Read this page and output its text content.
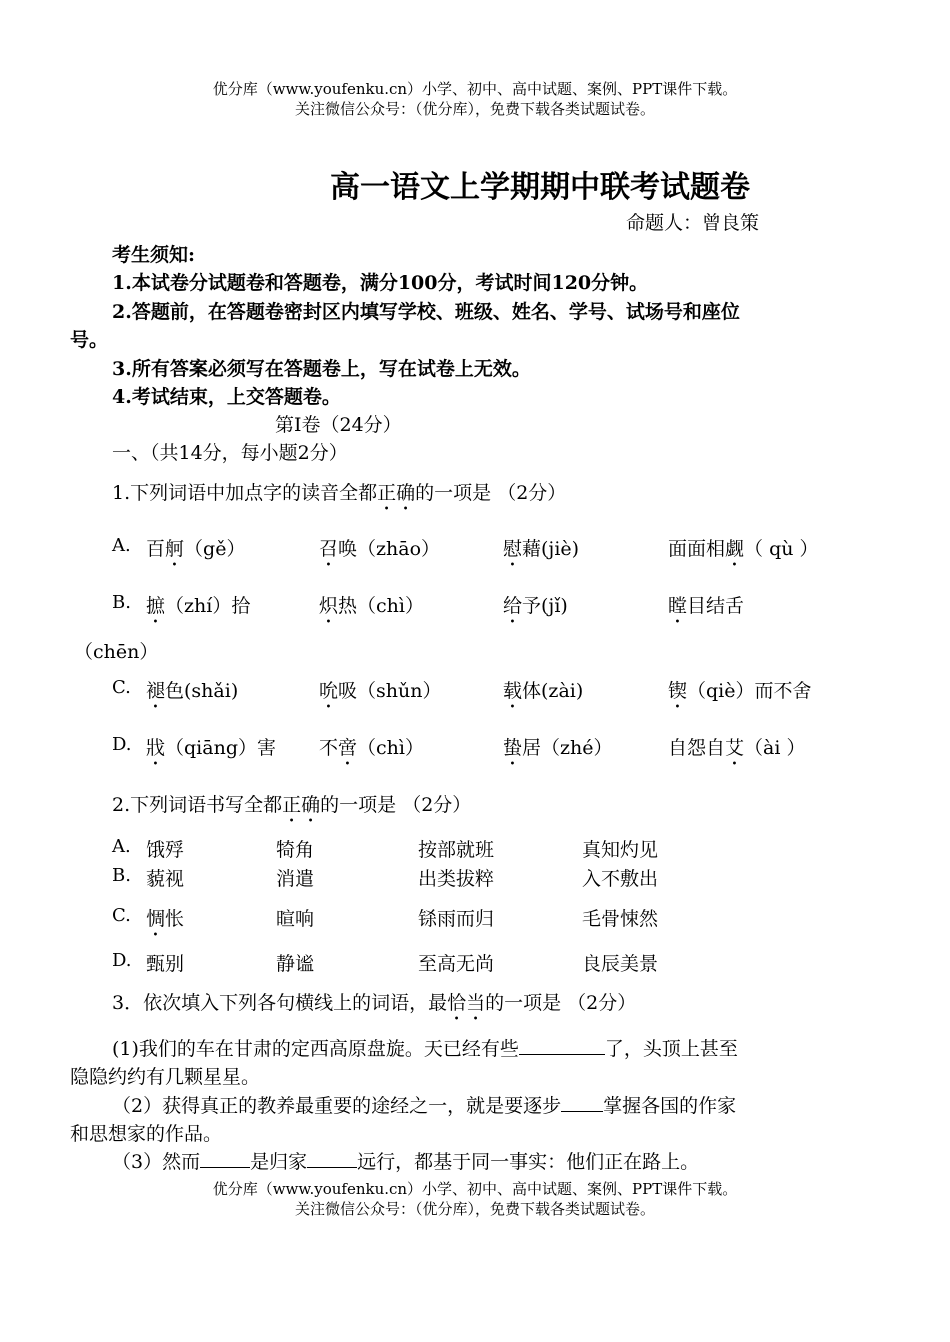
优分库（www.youfenku.cn）小学、初中、高中试题、案例、PPT课件下载。
关注微信公众号：（优分库），免费下载各类试题试卷。
高一语文上学期期中联考试题卷
命题人：曾良策
考生须知:
1.本试卷分试题卷和答题卷，满分100分，考试时间120分钟。
2.答题前，在答题卷密封区内填写学校、班级、姓名、学号、试场号和座位
号。
3.所有答案必须写在答题卷上，写在试卷上无效。
4.考试结束，上交答题卷。
第Ⅰ卷（24分）
一、（共14分，每小题2分）
1.下列词语中加点字的读音全都正确的一项是 （2分）
A. 百舸（gě）	召唤（zhāo）	慰藉(jiè)	面面相觑（ qù ）
B. 摭（zhí）拾	炽热（chì）	给予(jǐ)	瞠目结舌
（chēn）
C. 褪色(shǎi)	吮吸（shǔn）	载体(zài)	锲（qiè）而不舍
D. 戕（qiāng）害 不啻（chì）	蛰居（zhé）	自怨自艾（ài ）
2.下列词语书写全都正确的一项是 （2分）
A. 饿殍	犄角	按部就班	真知灼见
B. 藐视	消遣	出类拔粹	入不敷出
C. 惆怅	暄响	铩雨而归	毛骨悚然
D. 甄别	静谧	至高无尚	良辰美景
3．依次填入下列各句横线上的词语，最恰当的一项是 （2分）
(1)我们的车在甘肃的定西高原盘旋。天已经有些	了，头顶上甚至
隐隐约约有几颗星星。
（2）获得真正的教养最重要的途经之一，就是要逐步 掌握各国的作家
和思想家的作品。
（3）然而	是归家	远行，都基于同一事实：他们正在路上。
优分库（www.youfenku.cn）小学、初中、高中试题、案例、PPT课件下载。
关注微信公众号：（优分库），免费下载各类试题试卷。
